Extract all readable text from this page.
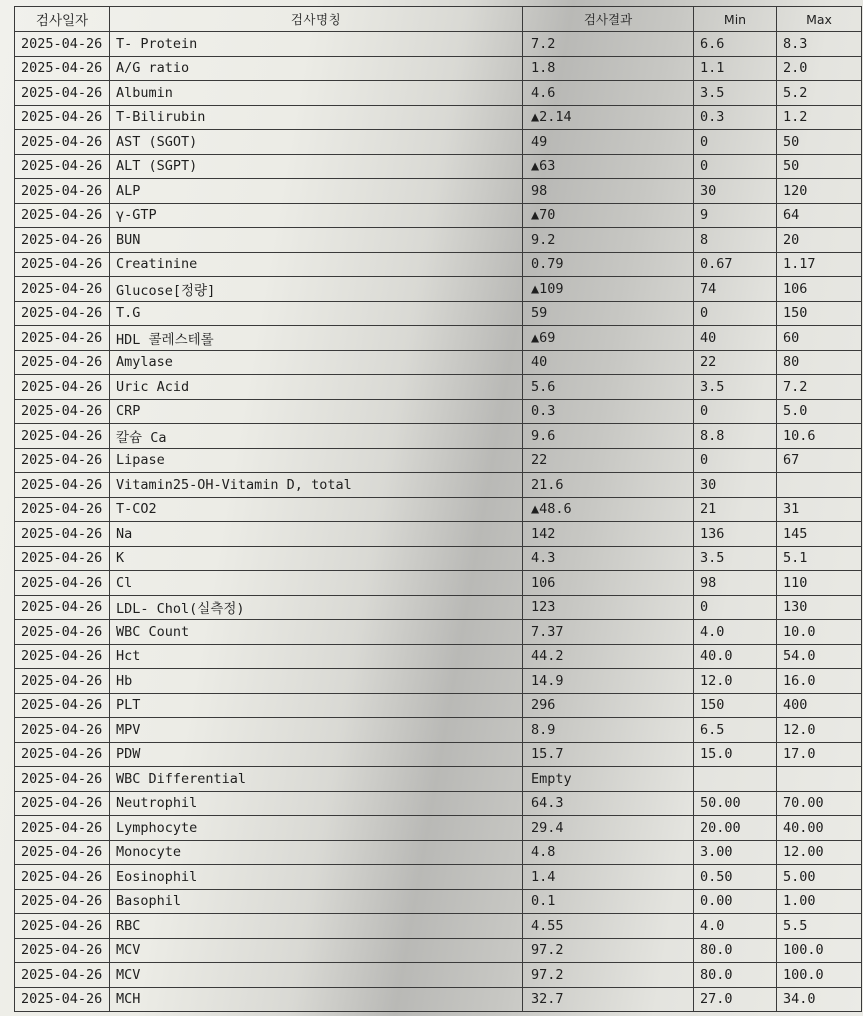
검사일자	검사명칭	검사결과	Min	Max
2025-04-26	T- Protein	7.2	6.6	8.3
2025-04-26	A/G ratio	1.8	1.1	2.0
2025-04-26	Albumin	4.6	3.5	5.2
2025-04-26	T-Bilirubin	▲2.14	0.3	1.2
2025-04-26	AST (SGOT)	49	0	50
2025-04-26	ALT (SGPT)	▲63	0	50
2025-04-26	ALP	98	30	120
2025-04-26	γ-GTP	▲70	9	64
2025-04-26	BUN	9.2	8	20
2025-04-26	Creatinine	0.79	0.67	1.17
2025-04-26	Glucose[정량]	▲109	74	106
2025-04-26	T.G	59	0	150
2025-04-26	HDL 콜레스테롤	▲69	40	60
2025-04-26	Amylase	40	22	80
2025-04-26	Uric Acid	5.6	3.5	7.2
2025-04-26	CRP	0.3	0	5.0
2025-04-26	칼슘 Ca	9.6	8.8	10.6
2025-04-26	Lipase	22	0	67
2025-04-26	Vitamin25-OH-Vitamin D, total	21.6	30	
2025-04-26	T-CO2	▲48.6	21	31
2025-04-26	Na	142	136	145
2025-04-26	K	4.3	3.5	5.1
2025-04-26	Cl	106	98	110
2025-04-26	LDL- Chol(실측정)	123	0	130
2025-04-26	WBC Count	7.37	4.0	10.0
2025-04-26	Hct	44.2	40.0	54.0
2025-04-26	Hb	14.9	12.0	16.0
2025-04-26	PLT	296	150	400
2025-04-26	MPV	8.9	6.5	12.0
2025-04-26	PDW	15.7	15.0	17.0
2025-04-26	WBC Differential	Empty		
2025-04-26	Neutrophil	64.3	50.00	70.00
2025-04-26	Lymphocyte	29.4	20.00	40.00
2025-04-26	Monocyte	4.8	3.00	12.00
2025-04-26	Eosinophil	1.4	0.50	5.00
2025-04-26	Basophil	0.1	0.00	1.00
2025-04-26	RBC	4.55	4.0	5.5
2025-04-26	MCV	97.2	80.0	100.0
2025-04-26	MCV	97.2	80.0	100.0
2025-04-26	MCH	32.7	27.0	34.0
